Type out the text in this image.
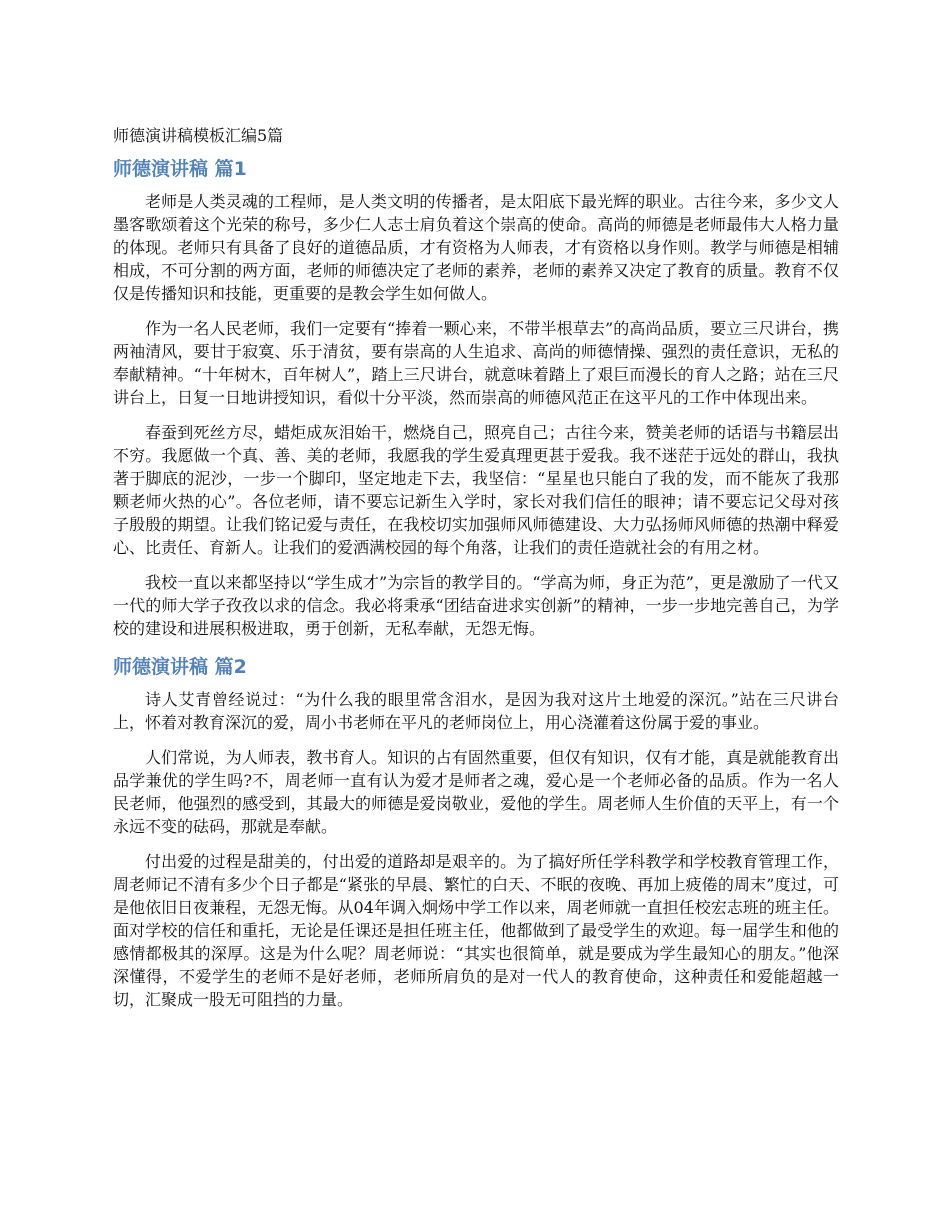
师德演讲稿模板汇编5篇
师德演讲稿 篇1

老师是人类灵魂的工程师，是人类文明的传播者，是太阳底下最光辉的职业。古往今来，多少文人墨客歌颂着这个光荣的称号，多少仁人志士肩负着这个崇高的使命。高尚的师德是老师最伟大人格力量的体现。老师只有具备了良好的道德品质，才有资格为人师表，才有资格以身作则。教学与师德是相辅相成，不可分割的两方面，老师的师德决定了老师的素养，老师的素养又决定了教育的质量。教育不仅仅是传播知识和技能，更重要的是教会学生如何做人。

作为一名人民老师，我们一定要有“捧着一颗心来，不带半根草去”的高尚品质，要立三尺讲台，携两袖清风，要甘于寂寞、乐于清贫，要有崇高的人生追求、高尚的师德情操、强烈的责任意识，无私的奉献精神。“十年树木，百年树人”，踏上三尺讲台，就意味着踏上了艰巨而漫长的育人之路；站在三尺讲台上，日复一日地讲授知识，看似十分平淡，然而崇高的师德风范正在这平凡的工作中体现出来。

春蚕到死丝方尽，蜡炬成灰泪始干，燃烧自己，照亮自己；古往今来，赞美老师的话语与书籍层出不穷。我愿做一个真、善、美的老师，我愿我的学生爱真理更甚于爱我。我不迷茫于远处的群山，我执著于脚底的泥沙，一步一个脚印，坚定地走下去，我坚信：“星星也只能白了我的发，而不能灰了我那颗老师火热的心”。各位老师，请不要忘记新生入学时，家长对我们信任的眼神；请不要忘记父母对孩子殷殷的期望。让我们铭记爱与责任，在我校切实加强师风师德建设、大力弘扬师风师德的热潮中释爱心、比责任、育新人。让我们的爱洒满校园的每个角落，让我们的责任造就社会的有用之材。

我校一直以来都坚持以“学生成才”为宗旨的教学目的。“学高为师，身正为范”，更是激励了一代又一代的师大学子孜孜以求的信念。我必将秉承“团结奋进求实创新”的精神，一步一步地完善自己，为学校的建设和进展积极进取，勇于创新，无私奉献，无怨无悔。

师德演讲稿 篇2

诗人艾青曾经说过：“为什么我的眼里常含泪水，是因为我对这片土地爱的深沉。”站在三尺讲台上，怀着对教育深沉的爱，周小书老师在平凡的老师岗位上，用心浇灌着这份属于爱的事业。

人们常说，为人师表，教书育人。知识的占有固然重要，但仅有知识，仅有才能，真是就能教育出品学兼优的学生吗?不，周老师一直有认为爱才是师者之魂，爱心是一个老师必备的品质。作为一名人民老师，他强烈的感受到，其最大的师德是爱岗敬业，爱他的学生。周老师人生价值的天平上，有一个永远不变的砝码，那就是奉献。

付出爱的过程是甜美的，付出爱的道路却是艰辛的。为了搞好所任学科教学和学校教育管理工作，周老师记不清有多少个日子都是“紧张的早晨、繁忙的白天、不眠的夜晚、再加上疲倦的周末”度过，可是他依旧日夜兼程，无怨无悔。从04年调入炯炀中学工作以来，周老师就一直担任校宏志班的班主任。面对学校的信任和重托，无论是任课还是担任班主任，他都做到了最受学生的欢迎。每一届学生和他的感情都极其的深厚。这是为什么呢？周老师说：“其实也很简单，就是要成为学生最知心的朋友。”他深深懂得，不爱学生的老师不是好老师，老师所肩负的是对一代人的教育使命，这种责任和爱能超越一切，汇聚成一股无可阻挡的力量。
